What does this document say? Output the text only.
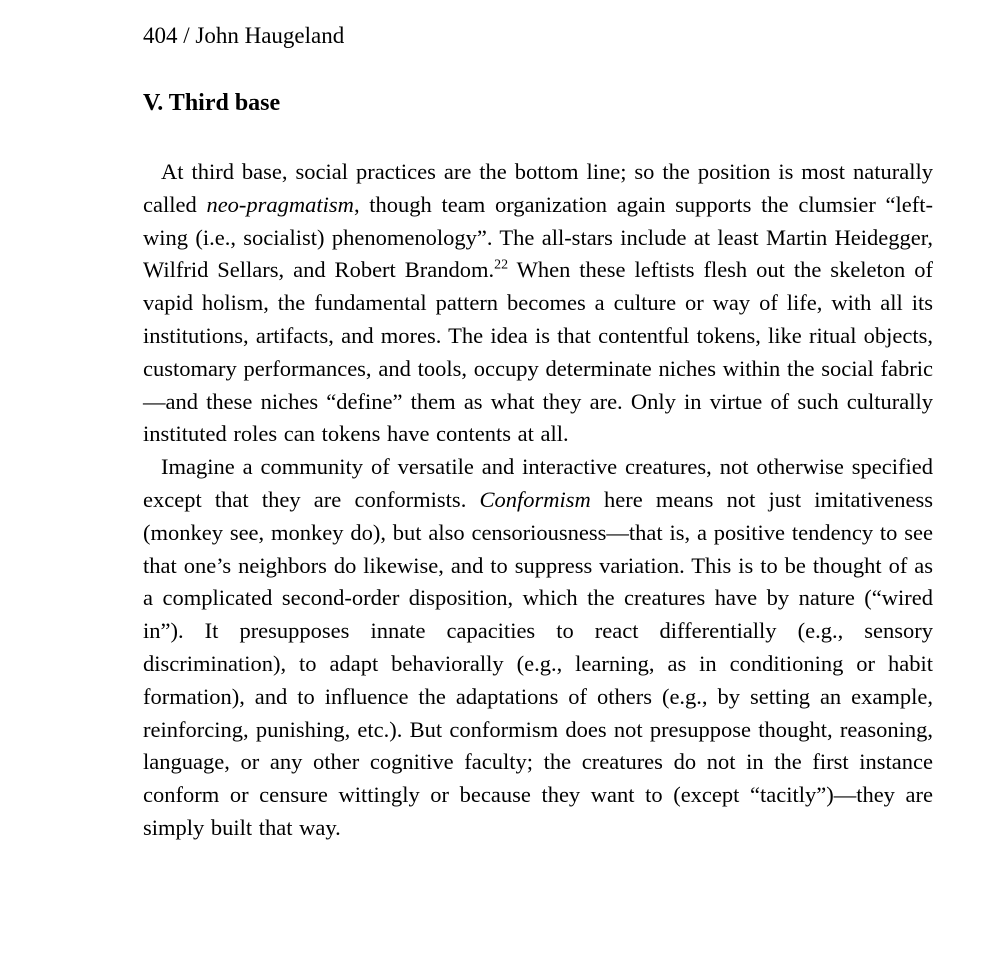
404 / John Haugeland

V. Third base

At third base, social practices are the bottom line; so the position is most naturally called neo-pragmatism, though team organization again supports the clumsier “left-wing (i.e., socialist) phenomenology”. The all-stars include at least Martin Heidegger, Wilfrid Sellars, and Robert Brandom.$^{22}$ When these leftists flesh out the skeleton of vapid holism, the fundamental pattern becomes a culture or way of life, with all its institutions, artifacts, and mores. The idea is that contentful tokens, like ritual objects, customary performances, and tools, occupy determinate niches within the social fabric—and these niches “define” them as what they are. Only in virtue of such culturally instituted roles can tokens have contents at all.

Imagine a community of versatile and interactive creatures, not otherwise specified except that they are conformists. Conformism here means not just imitativeness (monkey see, monkey do), but also censoriousness—that is, a positive tendency to see that one’s neighbors do likewise, and to suppress variation. This is to be thought of as a complicated second-order disposition, which the creatures have by nature (“wired in”). It presupposes innate capacities to react differentially (e.g., sensory discrimination), to adapt behaviorally (e.g., learning, as in conditioning or habit formation), and to influence the adaptations of others (e.g., by setting an example, reinforcing, punishing, etc.). But conformism does not presuppose thought, reasoning, language, or any other cognitive faculty; the creatures do not in the first instance conform or censure wittingly or because they want to (except “tacitly”)—they are simply built that way.
